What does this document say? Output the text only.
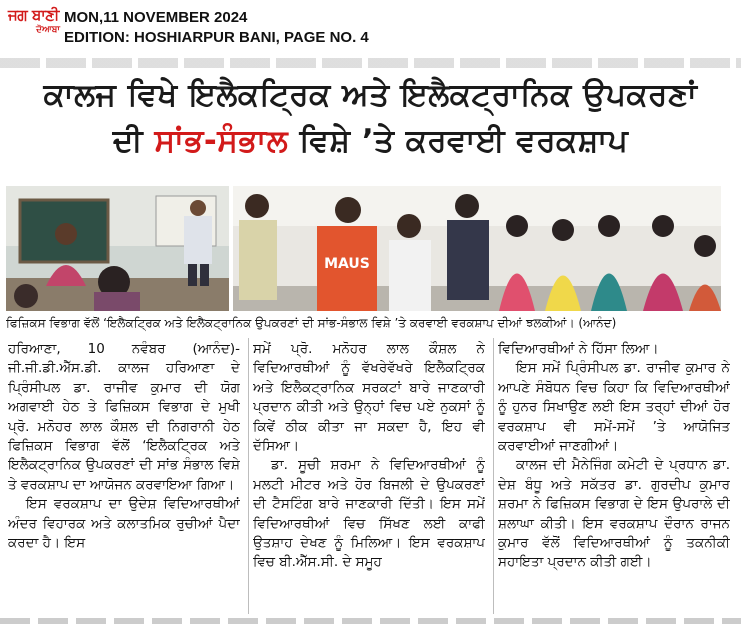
ਜਗ ਬਾਣੀ
ਦੋਆਬਾ
MON,11 NOVEMBER 2024
EDITION: HOSHIARPUR BANI, PAGE NO. 4
ਕਾਲਜ ਵਿਖੇ ਇਲੈਕਟ੍ਰਿਕ ਅਤੇ ਇਲੈਕਟ੍ਰਾਨਿਕ ਉਪਕਰਣਾਂ
ਦੀ ਸਾਂਭ-ਸੰਭਾਲ ਵਿਸ਼ੇ ’ਤੇ ਕਰਵਾਈ ਵਰਕਸ਼ਾਪ
MAUS
ਫਿਜ਼ਿਕਸ ਵਿਭਾਗ ਵੱਲੋਂ ‘ਇਲੈਕਟ੍ਰਿਕ ਅਤੇ ਇਲੈਕਟ੍ਰਾਨਿਕ ਉਪਕਰਣਾਂ ਦੀ ਸਾਂਭ-ਸੰਭਾਲ ਵਿਸ਼ੇ ’ਤੇ ਕਰਵਾਈ ਵਰਕਸ਼ਾਪ ਦੀਆਂ ਝਲਕੀਆਂ। (ਆਨੰਦ)

ਹਰਿਆਣਾ, 10 ਨਵੰਬਰ (ਆਨੰਦ)- ਜੀ.ਜੀ.ਡੀ.ਐੱਸ.ਡੀ. ਕਾਲਜ ਹਰਿਆਣਾ ਦੇ ਪ੍ਰਿੰਸੀਪਲ ਡਾ. ਰਾਜੀਵ ਕੁਮਾਰ ਦੀ ਯੋਗ ਅਗਵਾਈ ਹੇਠ ਤੇ ਫਿਜ਼ਿਕਸ ਵਿਭਾਗ ਦੇ ਮੁਖੀ ਪ੍ਰੋ. ਮਨੋਹਰ ਲਾਲ ਕੌਸ਼ਲ ਦੀ ਨਿਗਰਾਨੀ ਹੇਠ ਫਿਜ਼ਿਕਸ ਵਿਭਾਗ ਵੱਲੋਂ ‘ਇਲੈਕਟ੍ਰਿਕ ਅਤੇ ਇਲੈਕਟ੍ਰਾਨਿਕ ਉਪਕਰਣਾਂ ਦੀ ਸਾਂਭ ਸੰਭਾਲ ਵਿਸ਼ੇ ਤੇ ਵਰਕਸ਼ਾਪ ਦਾ ਆਯੋਜਨ ਕਰਵਾਇਆ ਗਿਆ।

ਇਸ ਵਰਕਸ਼ਾਪ ਦਾ ਉਦੇਸ਼ ਵਿਦਿਆਰਥੀਆਂ ਅੰਦਰ ਵਿਹਾਰਕ ਅਤੇ ਕਲਾਤਮਿਕ ਰੁਚੀਆਂ ਪੈਦਾ ਕਰਦਾ ਹੈ। ਇਸ

ਸਮੇਂ ਪ੍ਰੋ. ਮਨੋਹਰ ਲਾਲ ਕੌਸ਼ਲ ਨੇ ਵਿਦਿਆਰਥੀਆਂ ਨੂੰ ਵੱਖਰੇਵੱਖਰੇ ਇਲੈਕਟ੍ਰਿਕ ਅਤੇ ਇਲੈਕਟ੍ਰਾਨਿਕ ਸਰਕਟਾਂ ਬਾਰੇ ਜਾਣਕਾਰੀ ਪ੍ਰਦਾਨ ਕੀਤੀ ਅਤੇ ਉਨ੍ਹਾਂ ਵਿਚ ਪਏ ਨੁਕਸਾਂ ਨੂੰ ਕਿਵੇਂ ਠੀਕ ਕੀਤਾ ਜਾ ਸਕਦਾ ਹੈ, ਇਹ ਵੀ ਦੱਸਿਆ।

ਡਾ. ਸੂਚੀ ਸ਼ਰਮਾ ਨੇ ਵਿਦਿਆਰਥੀਆਂ ਨੂੰ ਮਲਟੀ ਮੀਟਰ ਅਤੇ ਹੋਰ ਬਿਜਲੀ ਦੇ ਉਪਕਰਣਾਂ ਦੀ ਟੈਸਟਿੰਗ ਬਾਰੇ ਜਾਣਕਾਰੀ ਦਿੱਤੀ। ਇਸ ਸਮੇਂ ਵਿਦਿਆਰਥੀਆਂ ਵਿਚ ਸਿੱਖਣ ਲਈ ਕਾਫੀ ਉਤਸ਼ਾਹ ਦੇਖਣ ਨੂੰ ਮਿਲਿਆ। ਇਸ ਵਰਕਸ਼ਾਪ ਵਿਚ ਬੀ.ਐੱਸ.ਸੀ. ਦੇ ਸਮੂਹ

ਵਿਦਿਆਰਥੀਆਂ ਨੇ ਹਿੱਸਾ ਲਿਆ।

ਇਸ ਸਮੇਂ ਪ੍ਰਿੰਸੀਪਲ ਡਾ. ਰਾਜੀਵ ਕੁਮਾਰ ਨੇ ਆਪਣੇ ਸੰਬੋਧਨ ਵਿਚ ਕਿਹਾ ਕਿ ਵਿਦਿਆਰਥੀਆਂ ਨੂੰ ਹੁਨਰ ਸਿਖਾਉਣ ਲਈ ਇਸ ਤਰ੍ਹਾਂ ਦੀਆਂ ਹੋਰ ਵਰਕਸ਼ਾਪ ਵੀ ਸਮੇਂ-ਸਮੇਂ ’ਤੇ ਆਯੋਜਿਤ ਕਰਵਾਈਆਂ ਜਾਣਗੀਆਂ।

ਕਾਲਜ ਦੀ ਮੈਨੇਜਿੰਗ ਕਮੇਟੀ ਦੇ ਪ੍ਰਧਾਨ ਡਾ. ਦੇਸ਼ ਬੰਧੂ ਅਤੇ ਸਕੱਤਰ ਡਾ. ਗੁਰਦੀਪ ਕੁਮਾਰ ਸ਼ਰਮਾ ਨੇ ਫਿਜ਼ਿਕਸ ਵਿਭਾਗ ਦੇ ਇਸ ਉਪਰਾਲੇ ਦੀ ਸ਼ਲਾਘਾ ਕੀਤੀ। ਇਸ ਵਰਕਸ਼ਾਪ ਦੌਰਾਨ ਰਾਜਨ ਕੁਮਾਰ ਵੱਲੋਂ ਵਿਦਿਆਰਥੀਆਂ ਨੂੰ ਤਕਨੀਕੀ ਸਹਾਇਤਾ ਪ੍ਰਦਾਨ ਕੀਤੀ ਗਈ।
